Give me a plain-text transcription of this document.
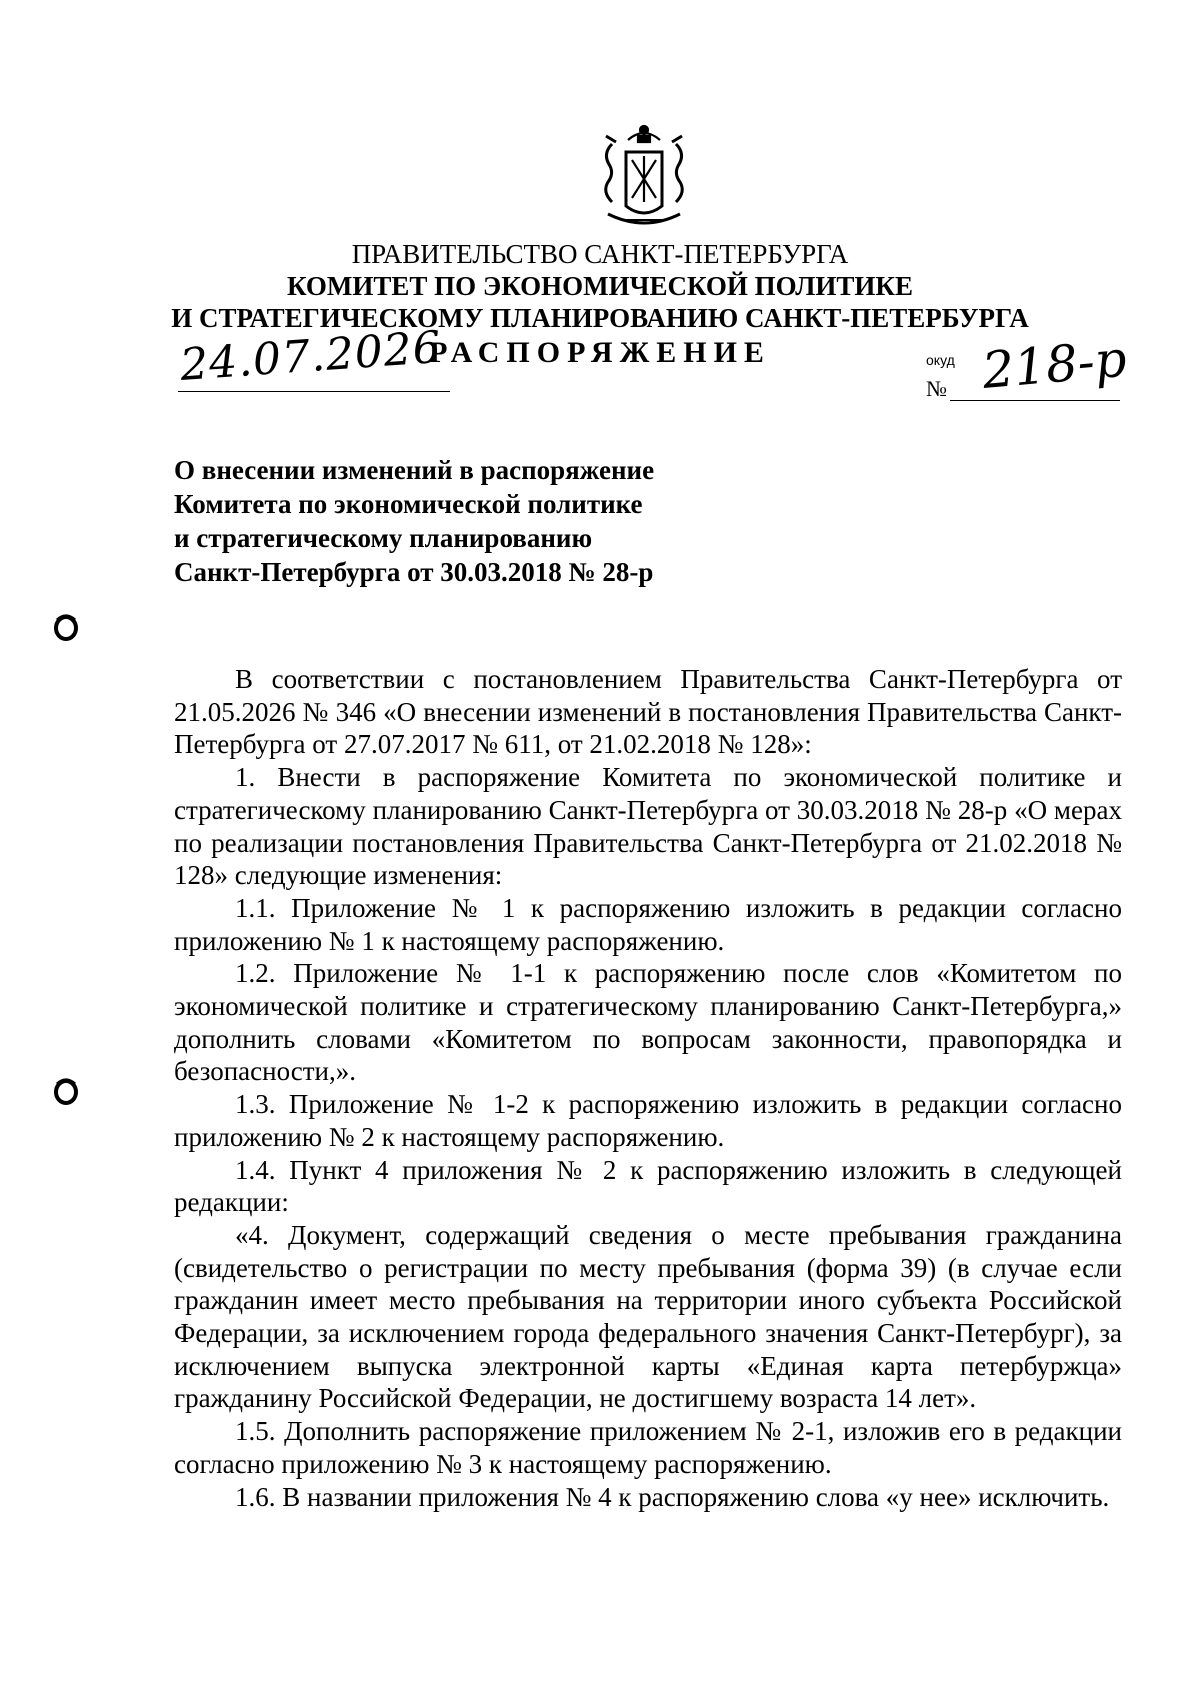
ПРАВИТЕЛЬСТВО САНКТ-ПЕТЕРБУРГА
КОМИТЕТ ПО ЭКОНОМИЧЕСКОЙ ПОЛИТИКЕ
И СТРАТЕГИЧЕСКОМУ ПЛАНИРОВАНИЮ САНКТ-ПЕТЕРБУРГА
РАСПОРЯЖЕНИЕ
24.07.2026	окуд
№ 218-р
О внесении изменений в распоряжение
Комитета по экономической политике
и стратегическому планированию
Санкт-Петербурга от 30.03.2018 № 28-р

В соответствии с постановлением Правительства Санкт-Петербурга от 21.05.2026 № 346 «О внесении изменений в постановления Правительства Санкт-Петербурга от 27.07.2017 № 611, от 21.02.2018 № 128»:

1. Внести в распоряжение Комитета по экономической политике и стратегическому планированию Санкт-Петербурга от 30.03.2018 № 28-р «О мерах по реализации постановления Правительства Санкт-Петербурга от 21.02.2018 № 128» следующие изменения:

1.1. Приложение № 1 к распоряжению изложить в редакции согласно приложению № 1 к настоящему распоряжению.

1.2. Приложение № 1-1 к распоряжению после слов «Комитетом по экономической политике и стратегическому планированию Санкт-Петербурга,» дополнить словами «Комитетом по вопросам законности, правопорядка и безопасности,».

1.3. Приложение № 1-2 к распоряжению изложить в редакции согласно приложению № 2 к настоящему распоряжению.

1.4. Пункт 4 приложения № 2 к распоряжению изложить в следующей редакции:

«4. Документ, содержащий сведения о месте пребывания гражданина (свидетельство о регистрации по месту пребывания (форма 39) (в случае если гражданин имеет место пребывания на территории иного субъекта Российской Федерации, за исключением города федерального значения Санкт-Петербург), за исключением выпуска электронной карты «Единая карта петербуржца» гражданину Российской Федерации, не достигшему возраста 14 лет».

1.5. Дополнить распоряжение приложением № 2-1, изложив его в редакции согласно приложению № 3 к настоящему распоряжению.

1.6. В названии приложения № 4 к распоряжению слова «у нее» исключить.
